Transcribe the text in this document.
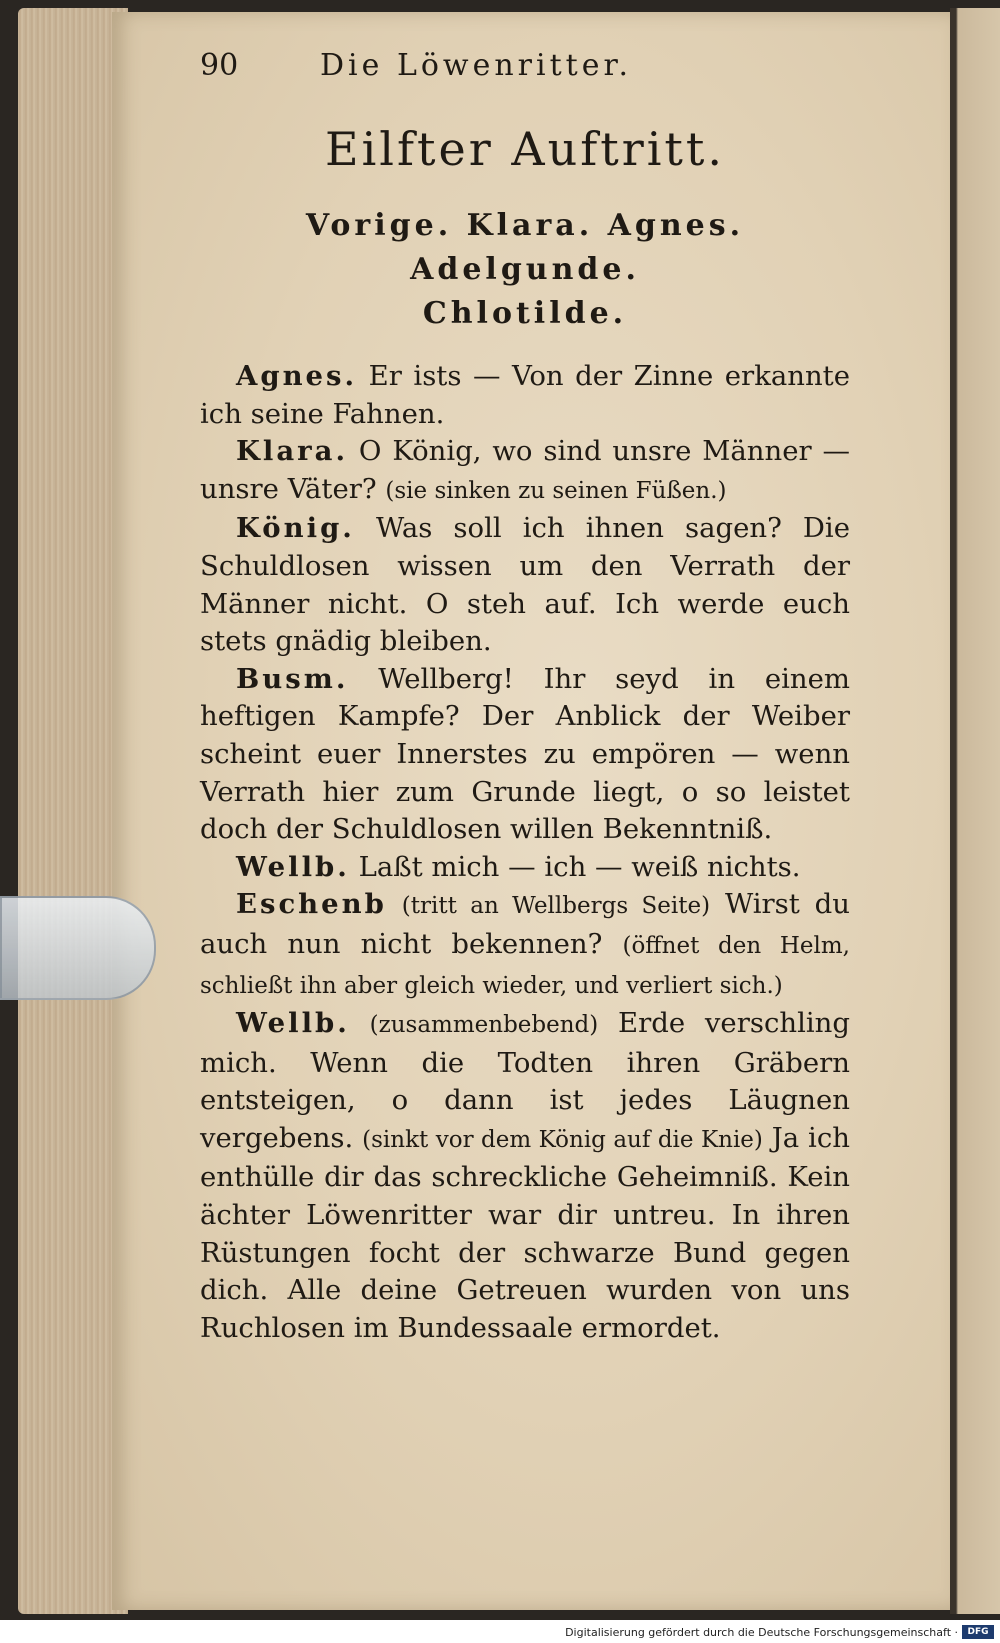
90	Die Löwenritter.
Eilfter Auftritt.
Vorige. Klara. Agnes. Adelgunde.
Chlotilde.

Agnes. Er ists — Von der Zinne erkannte ich seine Fahnen.

Klara. O König, wo sind unsre Männer — unsre Väter? (sie sinken zu seinen Füßen.)

König. Was soll ich ihnen sagen? Die Schuldlosen wissen um den Verrath der Männer nicht. O steh auf. Ich werde euch stets gnädig bleiben.

Busm. Wellberg! Ihr seyd in einem heftigen Kampfe? Der Anblick der Weiber scheint euer Innerstes zu empören — wenn Verrath hier zum Grunde liegt, o so leistet doch der Schuldlosen willen Bekenntniß.

Wellb. Laßt mich — ich — weiß nichts.

Eschenb (tritt an Wellbergs Seite) Wirst du auch nun nicht bekennen? (öffnet den Helm, schließt ihn aber gleich wieder, und verliert sich.)

Wellb. (zusammenbebend) Erde verschling mich. Wenn die Todten ihren Gräbern entsteigen, o dann ist jedes Läugnen vergebens. (sinkt vor dem König auf die Knie) Ja ich enthülle dir das schreckliche Geheimniß. Kein ächter Löwenritter war dir untreu. In ihren Rüstungen focht der schwarze Bund gegen dich. Alle deine Getreuen wurden von uns Ruchlosen im Bundessaale ermordet.

Digitalisierung gefördert durch die Deutsche Forschungsgemeinschaft ·	DFG
